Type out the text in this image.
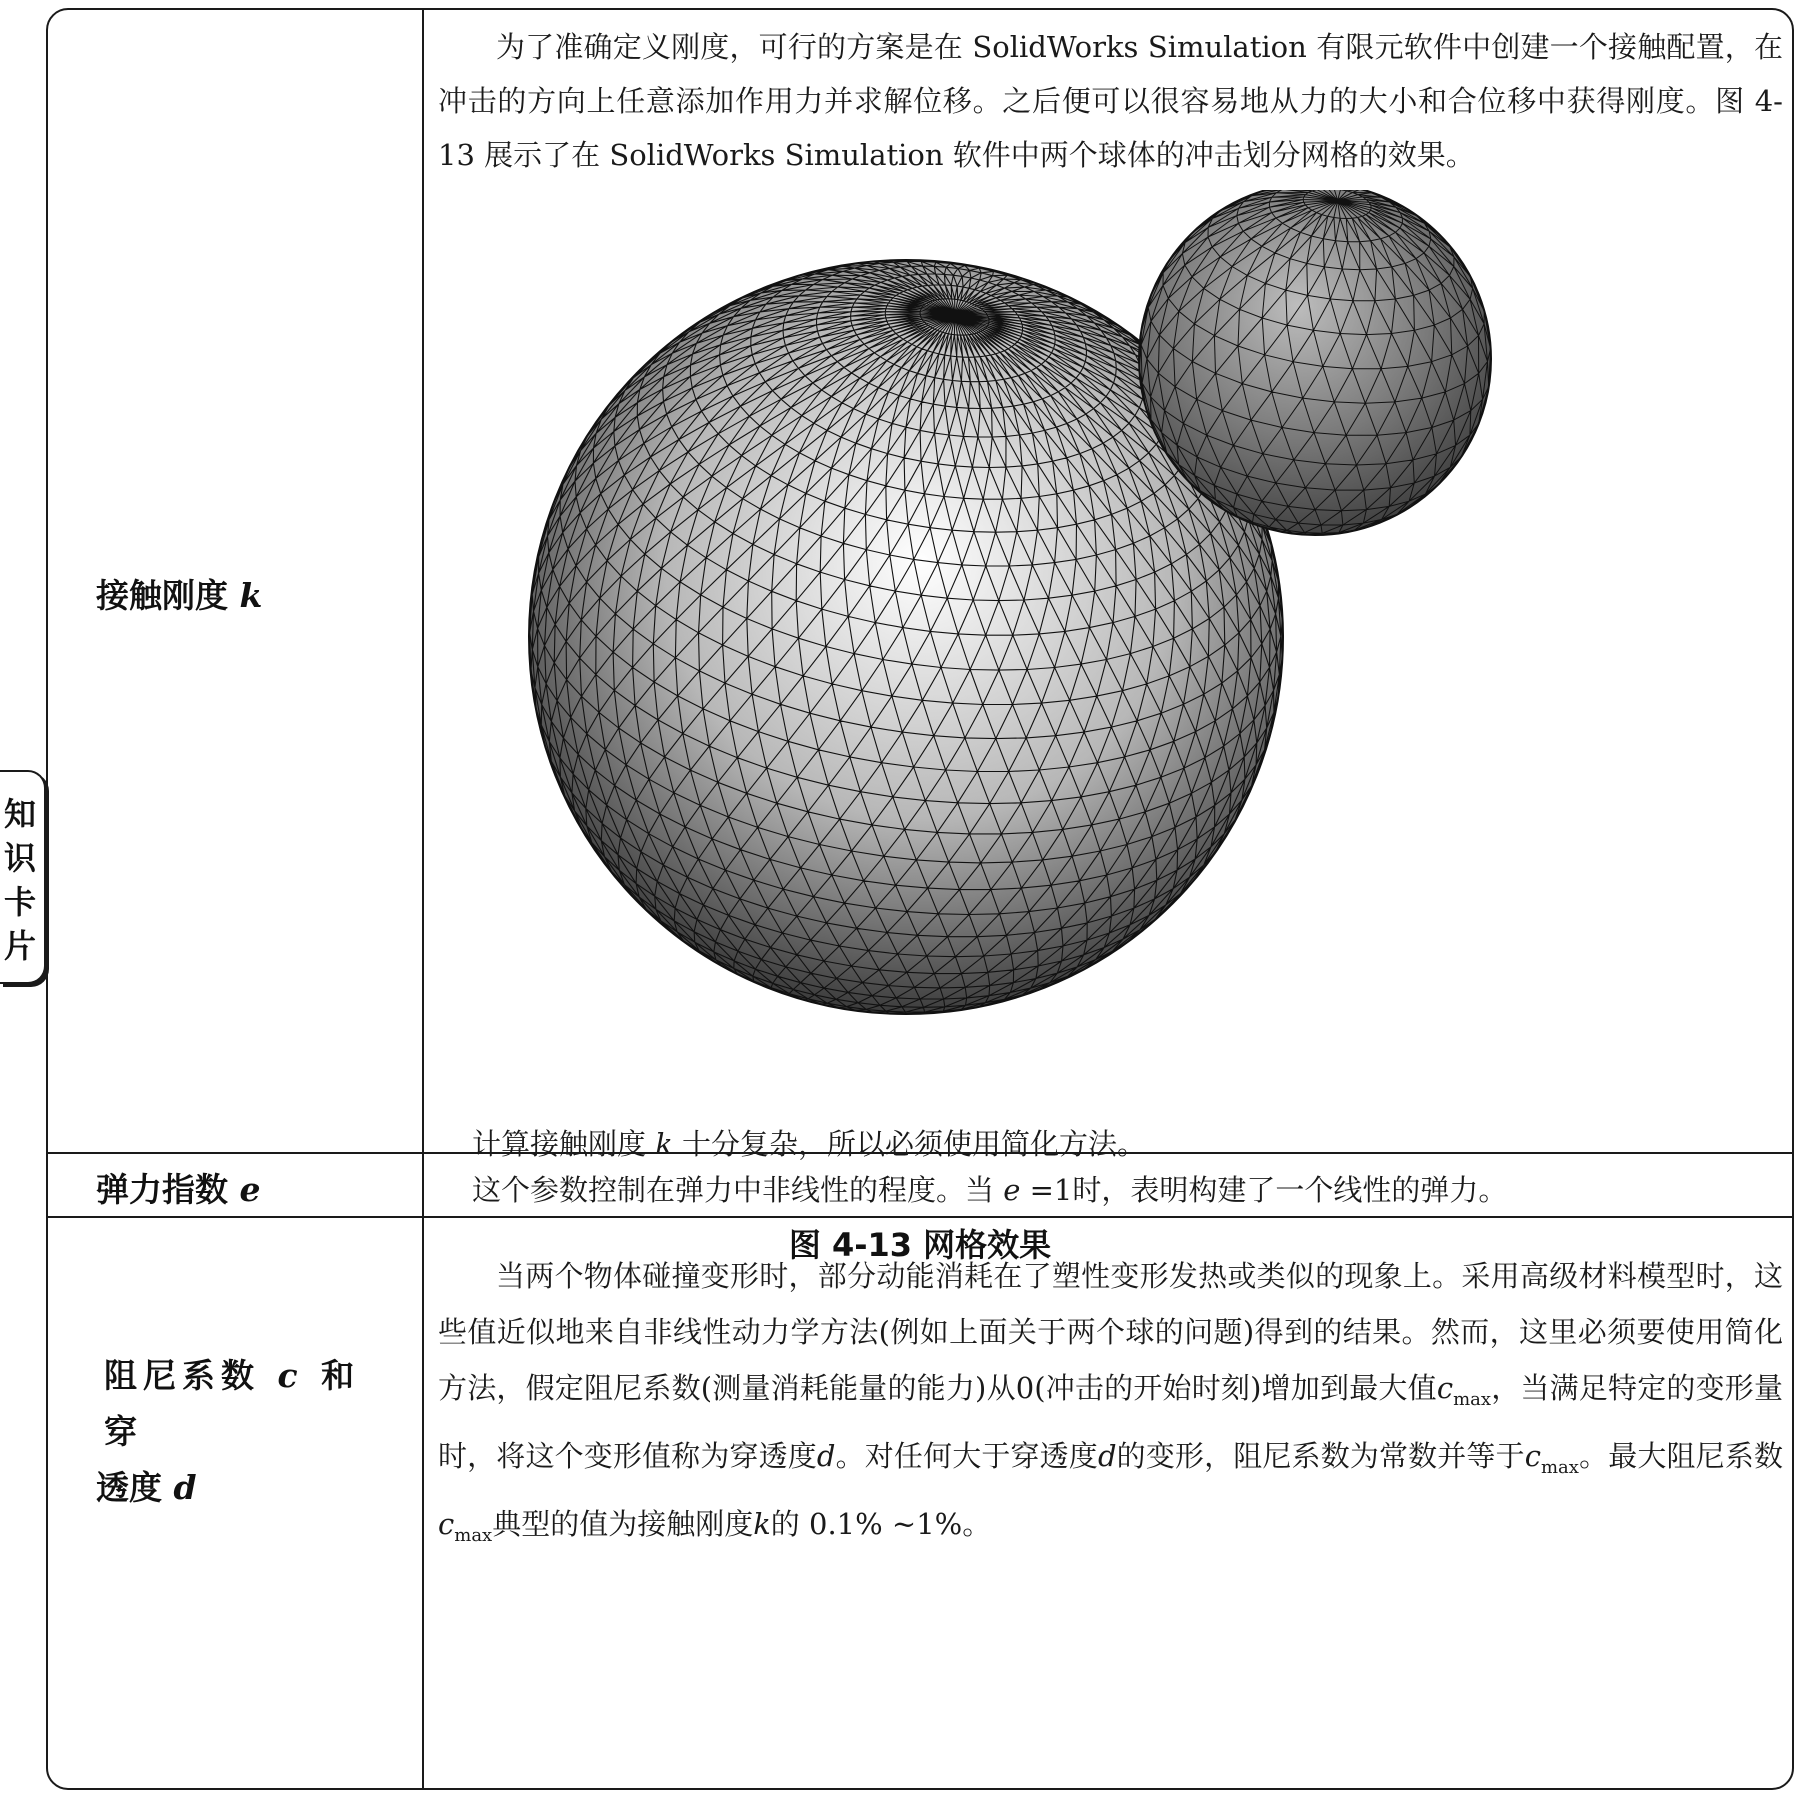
知识卡片
接触刚度 k
为了准确定义刚度，可行的方案是在 SolidWorks Simulation 有限元软件中创建一个接触配置，在冲击的方向上任意添加作用力并求解位移。之后便可以很容易地从力的大小和合位移中获得刚度。图 4-13 展示了在 SolidWorks Simulation 软件中两个球体的冲击划分网格的效果。
图 4-13 网格效果
计算接触刚度 k 十分复杂，所以必须使用简化方法。
弹力指数 e	这个参数控制在弹力中非线性的程度。当 e =1时，表明构建了一个线性的弹力。
阻尼系数 c 和穿
透度 d
当两个物体碰撞变形时，部分动能消耗在了塑性变形发热或类似的现象上。采用高级材料模型时，这些值近似地来自非线性动力学方法(例如上面关于两个球的问题)得到的结果。然而，这里必须要使用简化方法，假定阻尼系数(测量消耗能量的能力)从0(冲击的开始时刻)增加到最大值$c_{max}$，当满足特定的变形量时，将这个变形值称为穿透度d。对任何大于穿透度d的变形，阻尼系数为常数并等于$c_{max}$。最大阻尼系数$c_{max}$典型的值为接触刚度k的 0.1% ~1%。
